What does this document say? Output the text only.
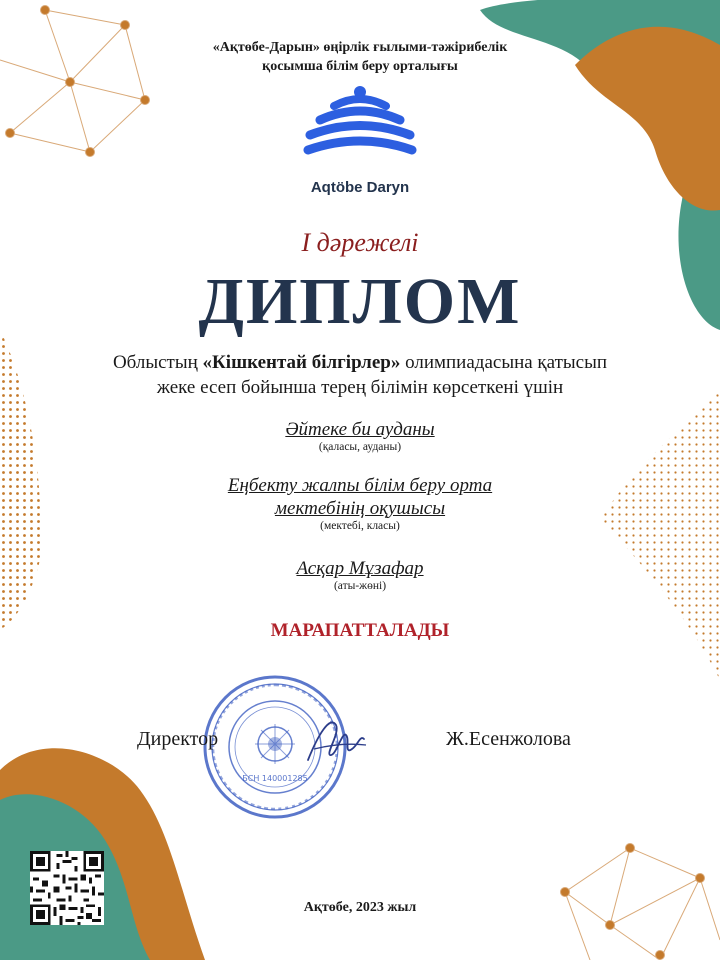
«Ақтөбе-Дарын» өңірлік ғылыми-тәжірибелік
қосымша білім беру орталығы
Aqtöbe Daryn
I дәрежелі
ДИПЛОМ
Облыстың «Кішкентай білгірлер» олимпиадасына қатысып
жеке есеп бойынша терең білімін көрсеткені үшін
Әйтеке би ауданы
(қаласы, ауданы)
Еңбекту жалпы білім беру орта
мектебінің оқушысы
(мектебі, класы)
Асқар Мұзафар
(аты-жөні)
МАРАПАТТАЛАДЫ
БСН 140001285
Директор	Ж.Есенжолова
Ақтөбе, 2023 жыл
